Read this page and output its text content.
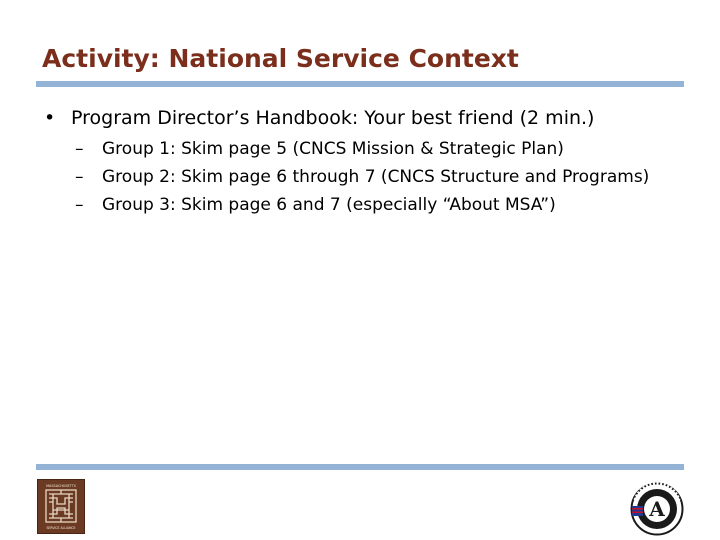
Activity: National Service Context
• Program Director’s Handbook: Your best friend (2 min.)
– Group 1: Skim page 5 (CNCS Mission & Strategic Plan)
– Group 2: Skim page 6 through 7 (CNCS Structure and Programs)
– Group 3: Skim page 6 and 7 (especially “About MSA”)
MASSACHUSETTS
SERVICE ALLIANCE
A
